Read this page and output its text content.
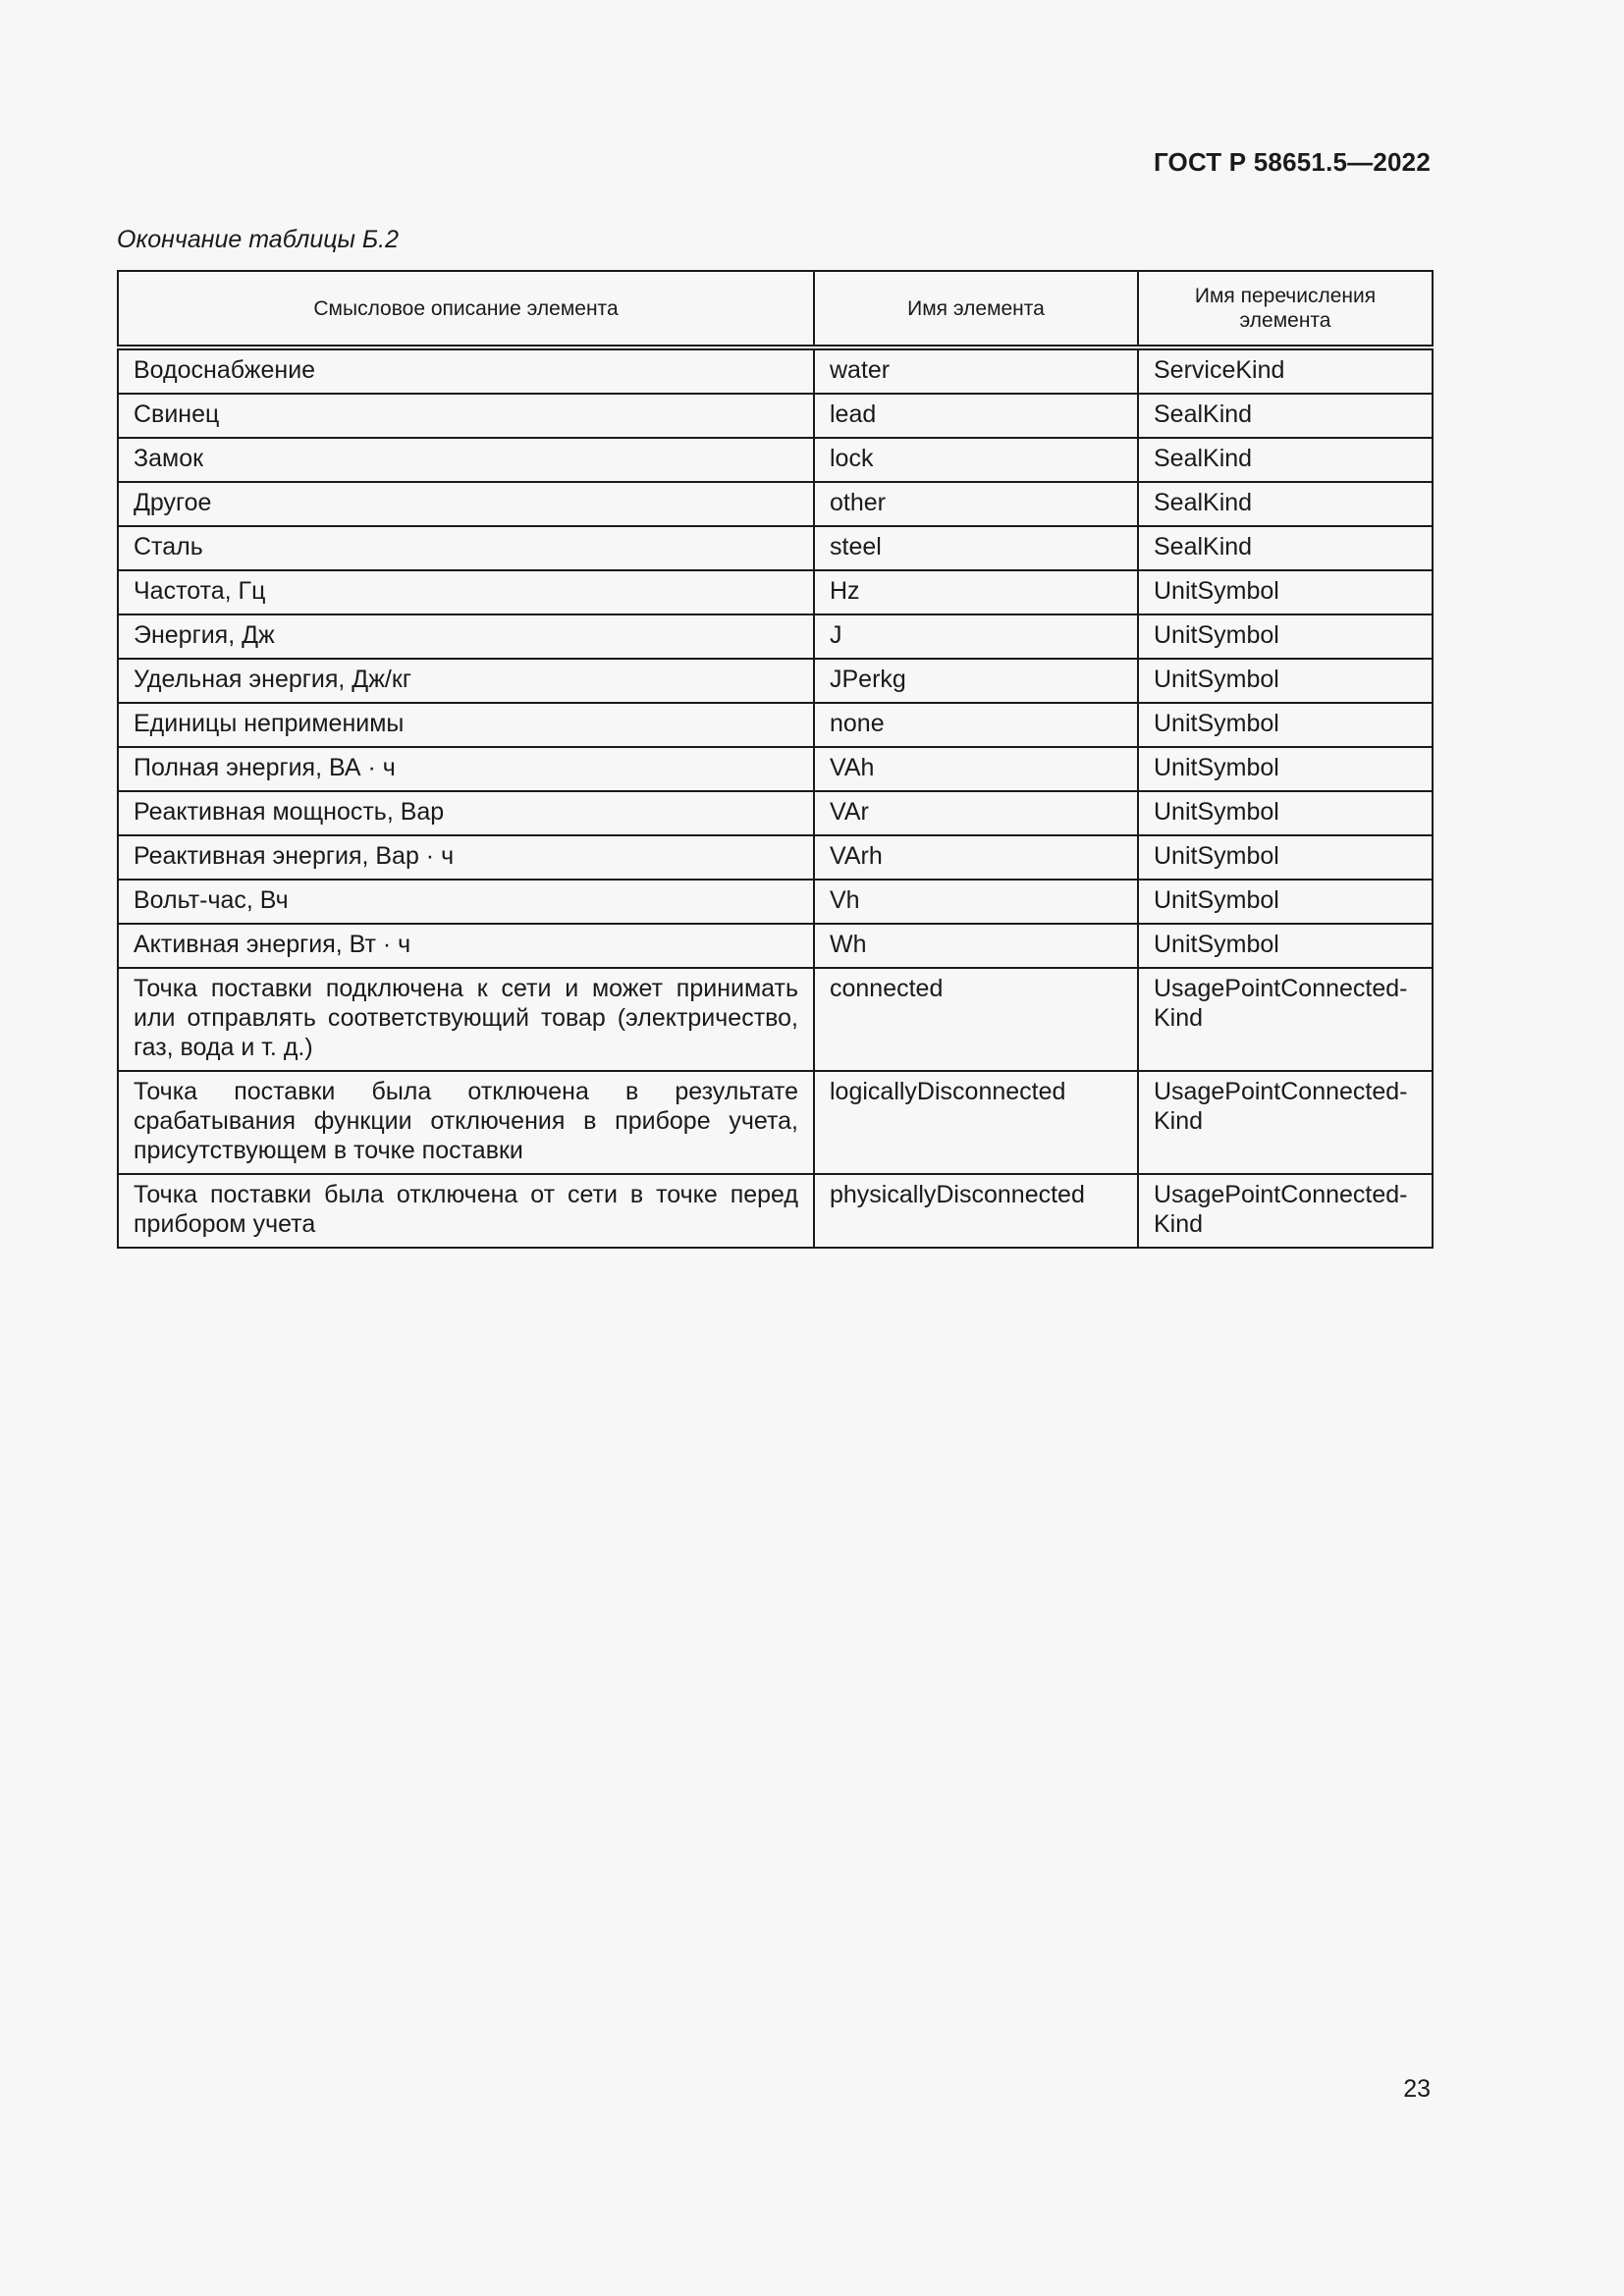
ГОСТ Р 58651.5—2022
Окончание таблицы Б.2
Смысловое описание элемента	Имя элемента	Имя перечисления элемента
Водоснабжение	water	ServiceKind
Свинец	lead	SealKind
Замок	lock	SealKind
Другое	other	SealKind
Сталь	steel	SealKind
Частота, Гц	Hz	UnitSymbol
Энергия, Дж	J	UnitSymbol
Удельная энергия, Дж/кг	JPerkg	UnitSymbol
Единицы неприменимы	none	UnitSymbol
Полная энергия, ВА · ч	VAh	UnitSymbol
Реактивная мощность, Вар	VAr	UnitSymbol
Реактивная энергия, Вар · ч	VArh	UnitSymbol
Вольт-час, Вч	Vh	UnitSymbol
Активная энергия, Вт · ч	Wh	UnitSymbol
Точка поставки подключена к сети и может принимать или отправлять соответствующий товар (электричество, газ, вода и т. д.)	connected	UsagePointConnected-Kind
Точка поставки была отключена в результате срабатывания функции отключения в приборе учета, присутствующем в точке поставки	logicallyDisconnected	UsagePointConnected-Kind
Точка поставки была отключена от сети в точке перед прибором учета	physicallyDisconnected	UsagePointConnected-Kind
23
